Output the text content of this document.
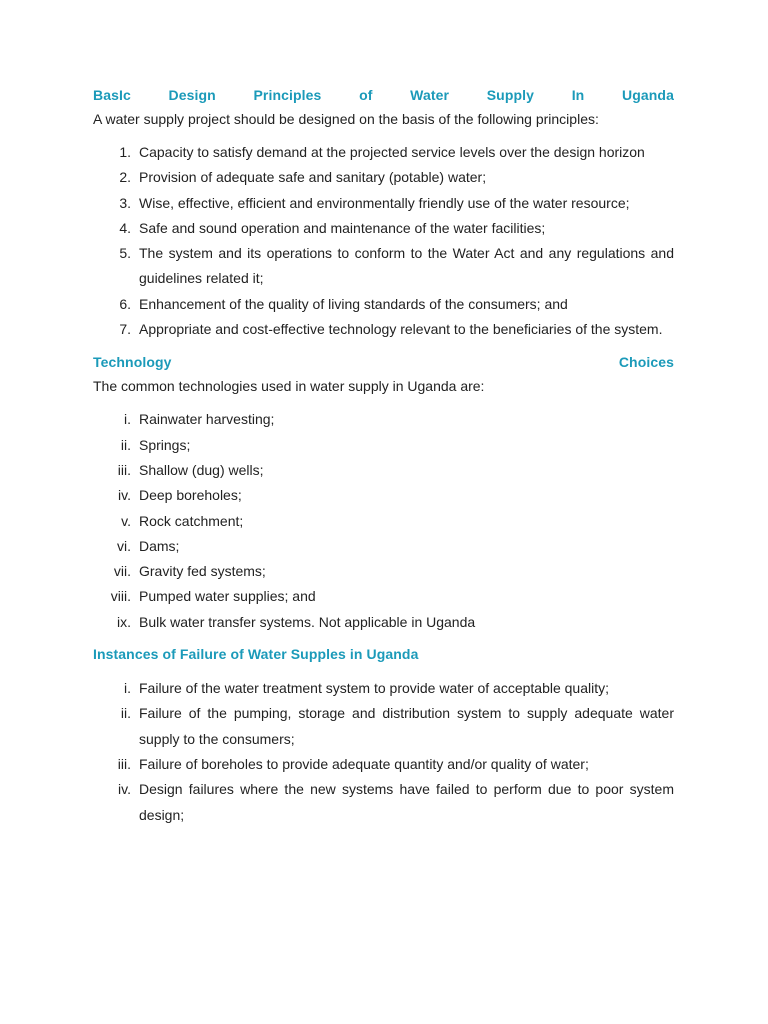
BasIc	Design	Principles	of	Water	Supply	In	Uganda

A water supply project should be designed on the basis of the following principles:

1. Capacity to satisfy demand at the projected service levels over the design horizon
2. Provision of adequate safe and sanitary (potable) water;
3. Wise, effective, efficient and environmentally friendly use of the water resource;
4. Safe and sound operation and maintenance of the water facilities;
5. The system and its operations to conform to the Water Act and any regulations and guidelines related it;
6. Enhancement of the quality of living standards of the consumers; and
7. Appropriate and cost-effective technology relevant to the beneficiaries of the system.
Technology	Choices

The common technologies used in water supply in Uganda are:

i. Rainwater harvesting;
ii. Springs;
iii. Shallow (dug) wells;
iv. Deep boreholes;
v. Rock catchment;
vi. Dams;
vii. Gravity fed systems;
viii. Pumped water supplies; and
ix. Bulk water transfer systems. Not applicable in Uganda
Instances of Failure of Water Supples in Uganda
i. Failure of the water treatment system to provide water of acceptable quality;
ii. Failure of the pumping, storage and distribution system to supply adequate water supply to the consumers;
iii. Failure of boreholes to provide adequate quantity and/or quality of water;
iv. Design failures where the new systems have failed to perform due to poor system design;
